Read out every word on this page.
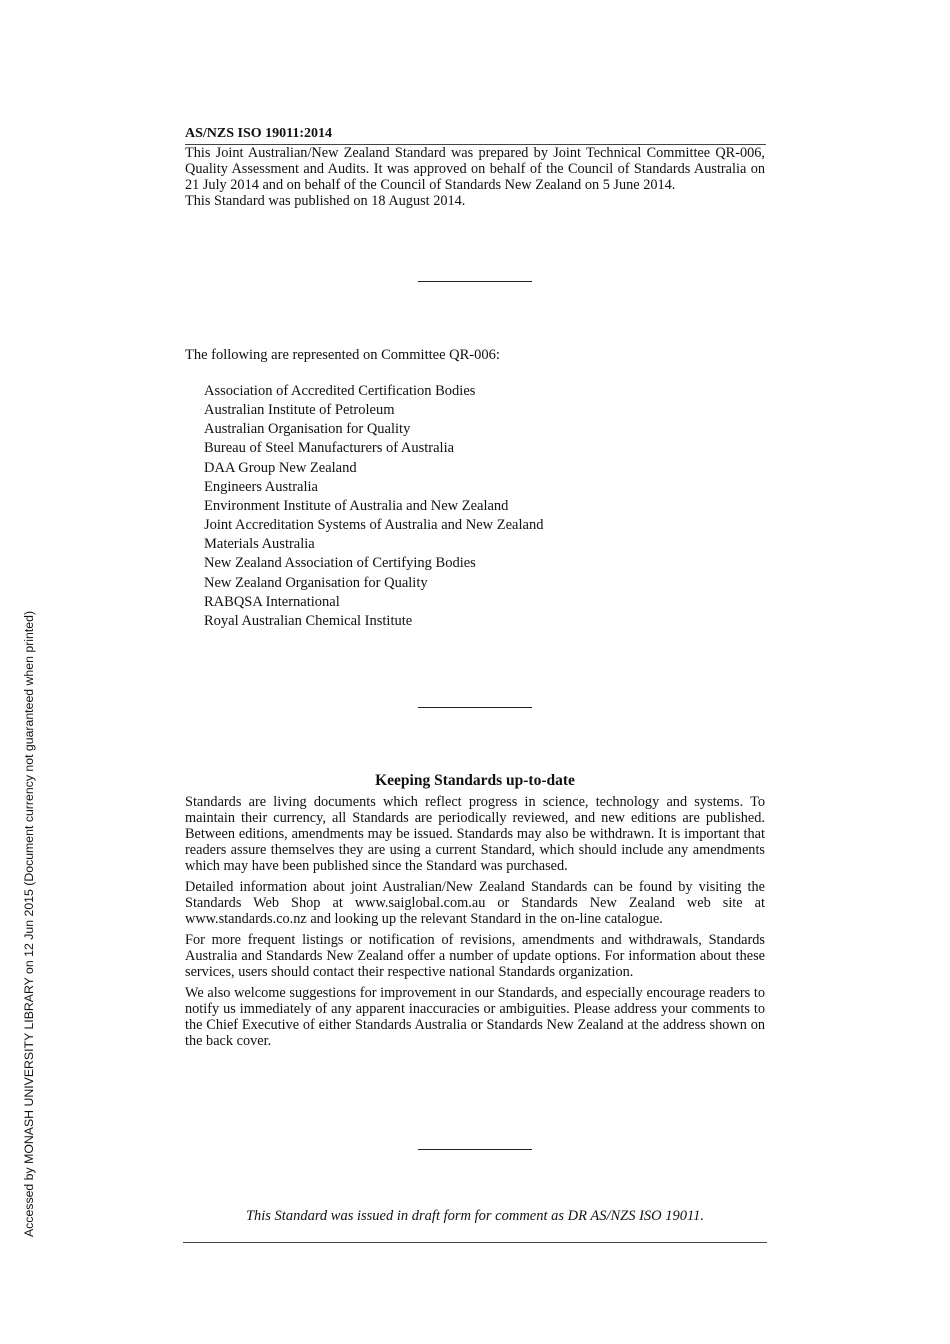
Accessed by MONASH UNIVERSITY LIBRARY on 12 Jun 2015 (Document currency not guaranteed when printed)
AS/NZS ISO 19011:2014

This Joint Australian/New Zealand Standard was prepared by Joint Technical Committee QR-006, Quality Assessment and Audits. It was approved on behalf of the Council of Standards Australia on 21 July 2014 and on behalf of the Council of Standards New Zealand on 5 June 2014.

This Standard was published on 18 August 2014.

The following are represented on Committee QR-006:
Association of Accredited Certification Bodies
Australian Institute of Petroleum
Australian Organisation for Quality
Bureau of Steel Manufacturers of Australia
DAA Group New Zealand
Engineers Australia
Environment Institute of Australia and New Zealand
Joint Accreditation Systems of Australia and New Zealand
Materials Australia
New Zealand Association of Certifying Bodies
New Zealand Organisation for Quality
RABQSA International
Royal Australian Chemical Institute
Keeping Standards up-to-date

Standards are living documents which reflect progress in science, technology and systems. To maintain their currency, all Standards are periodically reviewed, and new editions are published. Between editions, amendments may be issued. Standards may also be withdrawn. It is important that readers assure themselves they are using a current Standard, which should include any amendments which may have been published since the Standard was purchased.

Detailed information about joint Australian/New Zealand Standards can be found by visiting the Standards Web Shop at www.saiglobal.com.au or Standards New Zealand web site at www.standards.co.nz and looking up the relevant Standard in the on-line catalogue.

For more frequent listings or notification of revisions, amendments and withdrawals, Standards Australia and Standards New Zealand offer a number of update options. For information about these services, users should contact their respective national Standards organization.

We also welcome suggestions for improvement in our Standards, and especially encourage readers to notify us immediately of any apparent inaccuracies or ambiguities. Please address your comments to the Chief Executive of either Standards Australia or Standards New Zealand at the address shown on the back cover.

This Standard was issued in draft form for comment as DR AS/NZS ISO 19011.
